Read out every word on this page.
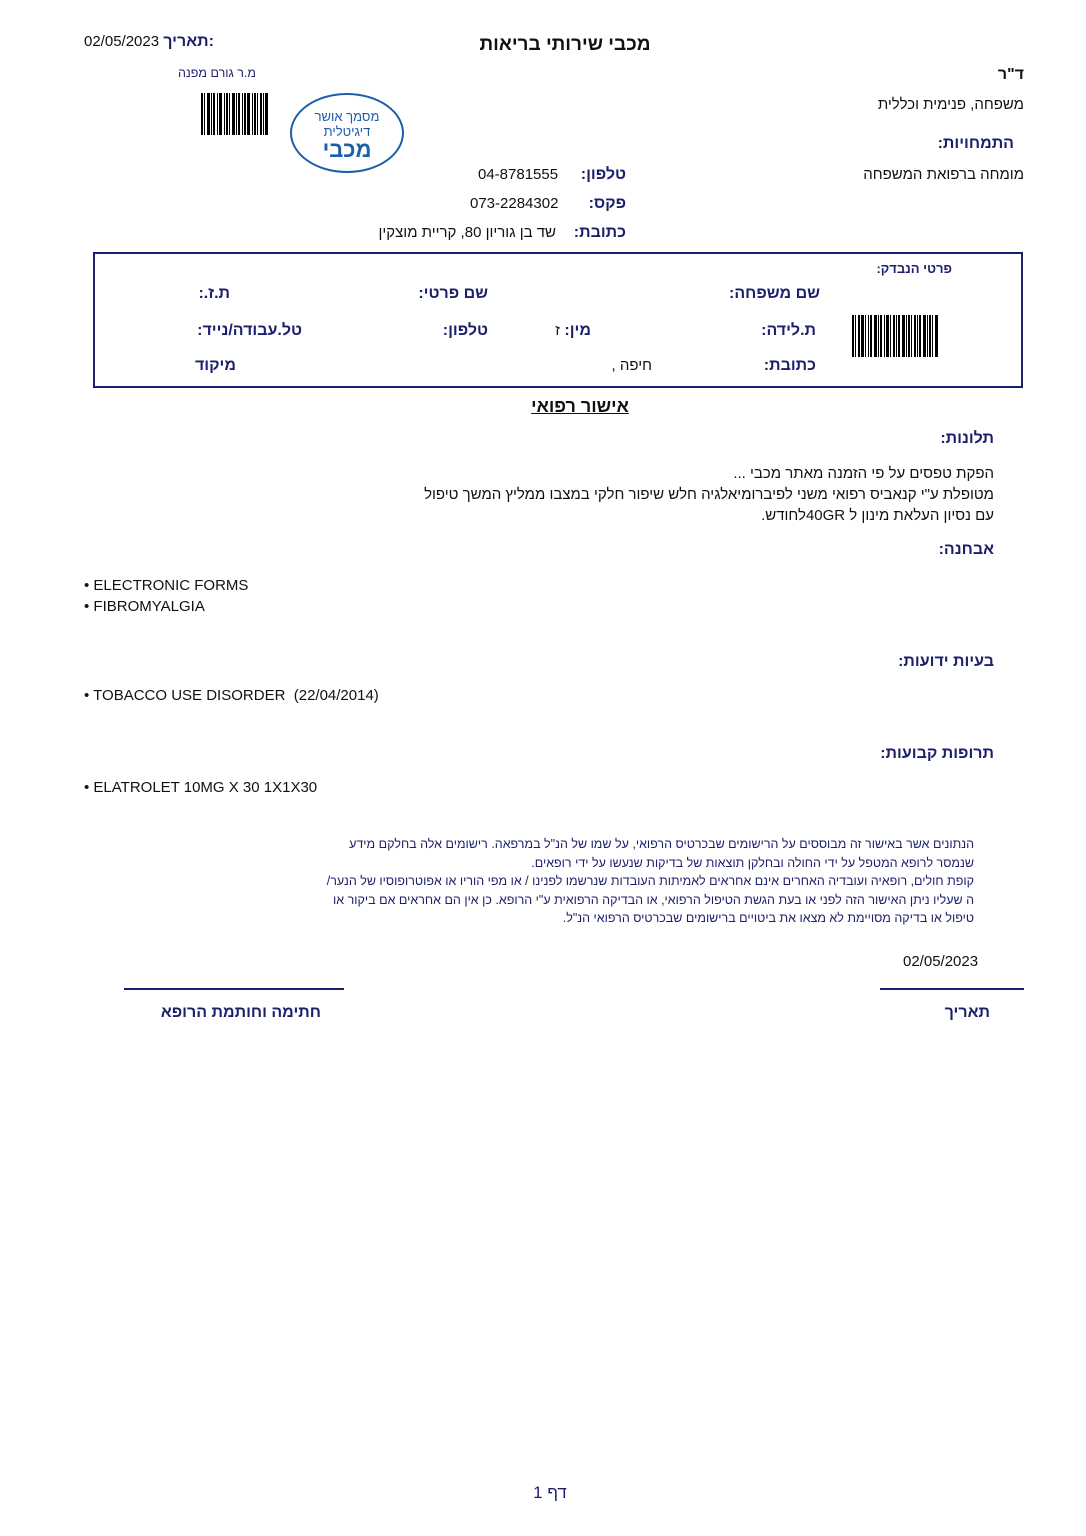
02/05/2023 תאריך:	מכבי שירותי בריאות
מ.ר גורם מפנה
מסמך אושר
דיגיטלית
מכבי
ד"ר
משפחה, פנימית וכללית
התמחויות:
מומחה ברפואת המשפחה
טלפון:
04-8781555
פקס:
073-2284302
כתובת:
שד בן גוריון 80, קריית מוצקין
פרטי הנבדק:
שם משפחה:
שם פרטי:
ת.ז.:
ת.לידה:
מין: ז
טלפון:
טל.עבודה/נייד:
כתובת:
חיפה ,
מיקוד
אישור רפואי
תלונות:
הפקת טפסים על פי הזמנה מאתר מכבי ...
מטופלת ע"י קנאביס רפואי משני לפיברומיאלגיה חלש שיפור חלקי במצבו ממליץ המשך טיפול
עם נסיון העלאת מינון ל 40GRלחודש.
אבחנה:
• ELECTRONIC FORMS
• FIBROMYALGIA
בעיות ידועות:
• TOBACCO USE DISORDER  (22/04/2014)
תרופות קבועות:
• ELATROLET 10MG X 30 1X1X30
הנתונים אשר באישור זה מבוססים על הרישומים שבכרטיס הרפואי, על שמו של הנ"ל במרפאה. רישומים אלה בחלקם מידע
שנמסר לרופא המטפל על ידי החולה ובחלקן תוצאות של בדיקות שנעשו על ידי רופאים.
קופת חולים, רופאיה ועובדיה האחרים אינם אחראים לאמיתות העובדות שנרשמו לפנינו / או מפי הוריו או אפוטרופוסיו של הנער/
ה שעליו ניתן האישור הזה לפני או בעת הגשת הטיפול הרפואי, או הבדיקה הרפואית ע"י הרופא. כן אין הם אחראים אם ביקור או
טיפול או בדיקה מסויימת לא מצאו את ביטויים ברישומים שבכרטיס הרפואי הנ"ל.
02/05/2023
תאריך
חתימה וחותמת הרופא
דף 1
